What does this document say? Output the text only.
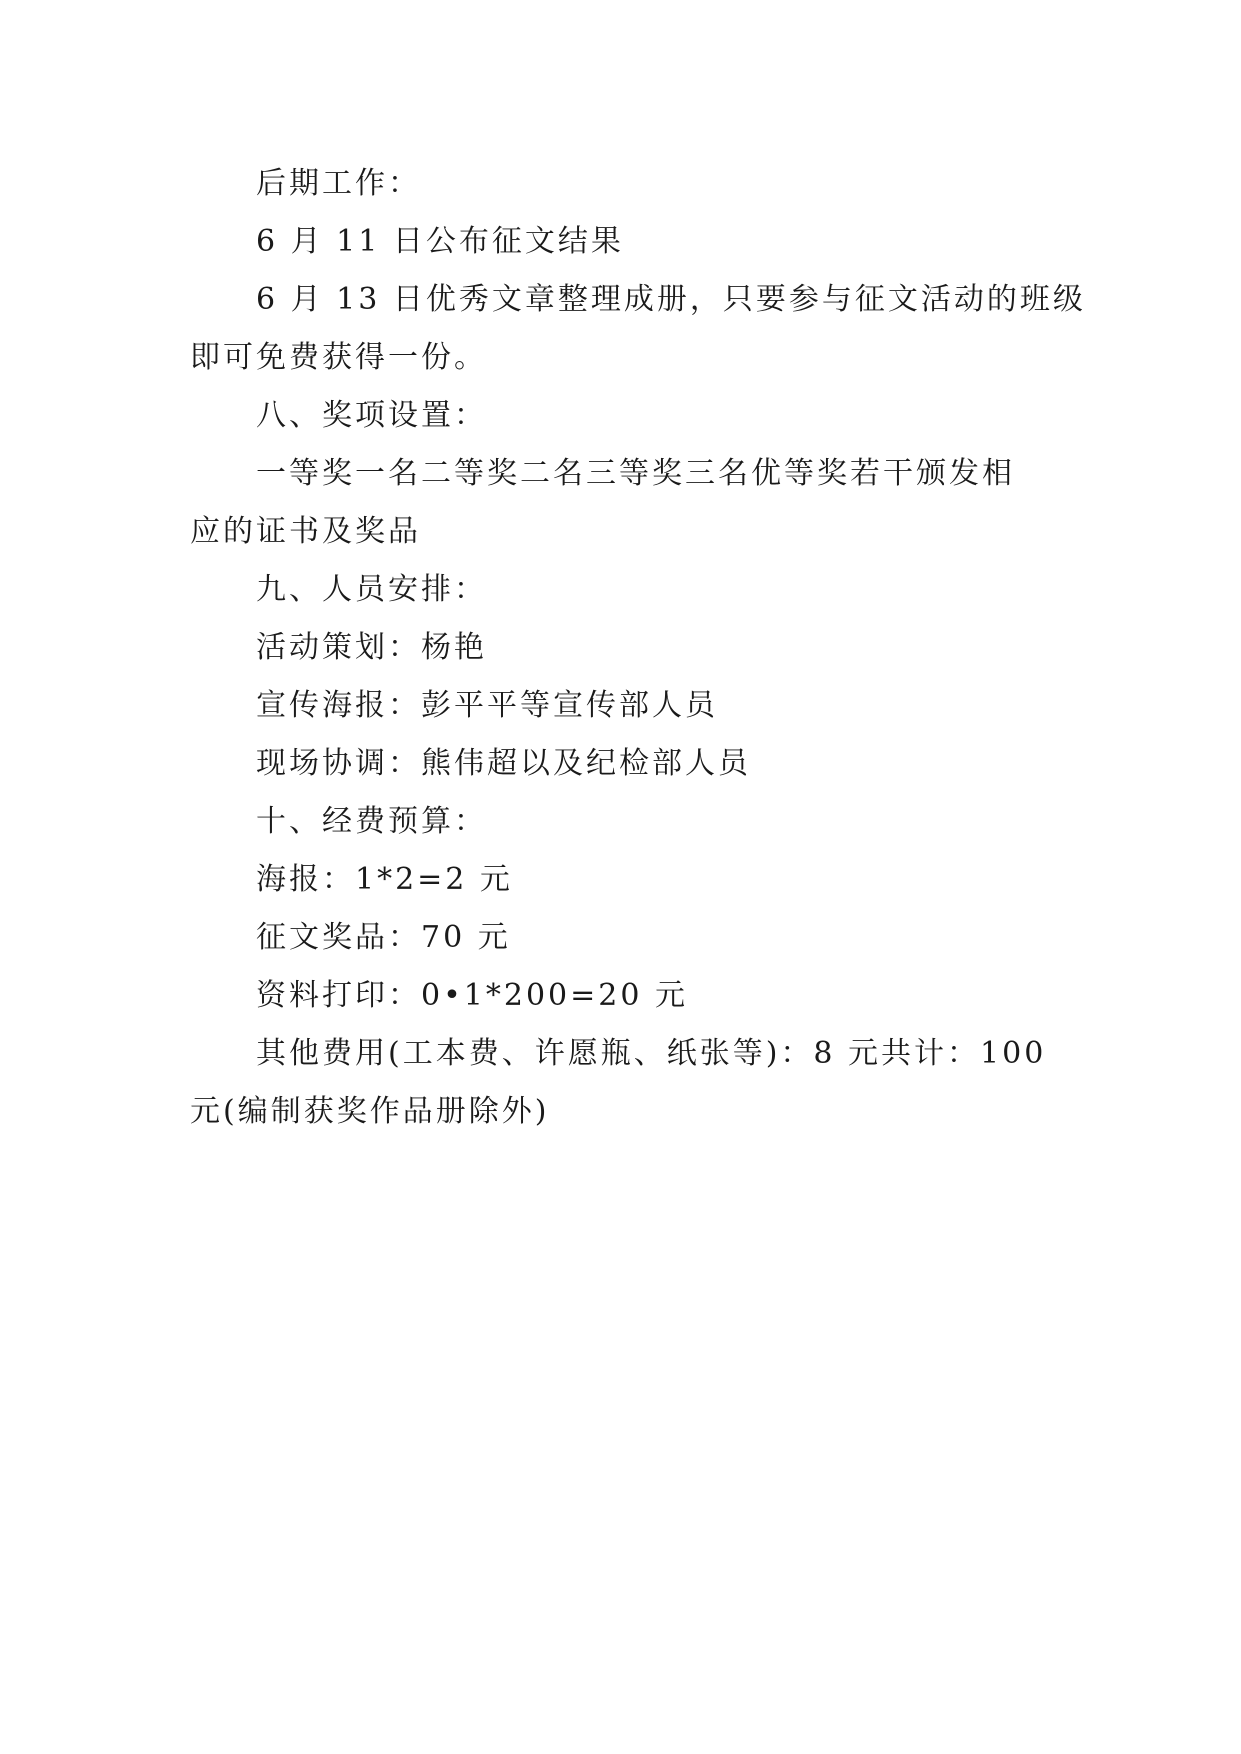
后期工作：
6 月 11 日公布征文结果
6 月 13 日优秀文章整理成册，只要参与征文活动的班级
即可免费获得一份。
八、奖项设置：
一等奖一名二等奖二名三等奖三名优等奖若干颁发相
应的证书及奖品
九、人员安排：
活动策划：杨艳
宣传海报：彭平平等宣传部人员
现场协调：熊伟超以及纪检部人员
十、经费预算：
海报：1*2=2 元
征文奖品：70 元
资料打印：0•1*200=20 元
其他费用(工本费、许愿瓶、纸张等)：8 元共计：100
元(编制获奖作品册除外)
